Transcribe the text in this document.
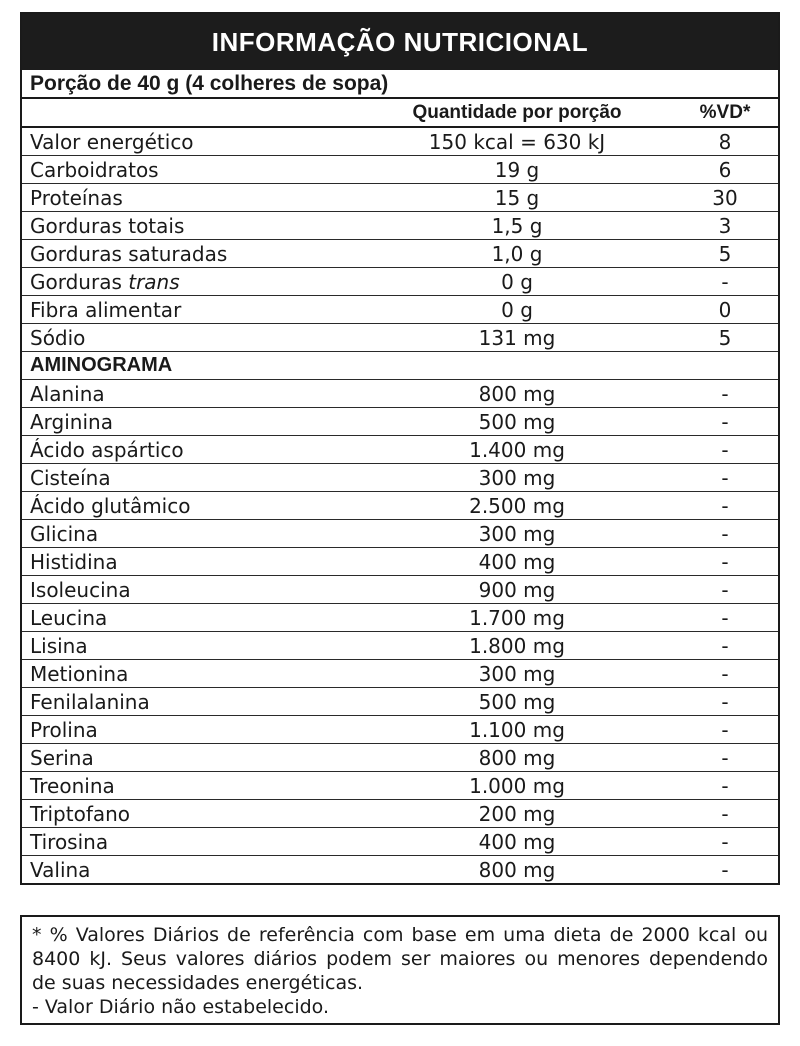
INFORMAÇÃO NUTRICIONAL
Porção de 40 g (4 colheres de sopa)
	Quantidade por porção	%VD*
Valor energético	150 kcal = 630 kJ	8
Carboidratos	19 g	6
Proteínas	15 g	30
Gorduras totais	1,5 g	3
Gorduras saturadas	1,0 g	5
Gorduras trans	0 g	-
Fibra alimentar	0 g	0
Sódio	131 mg	5
AMINOGRAMA		
Alanina	800 mg	-
Arginina	500 mg	-
Ácido aspártico	1.400 mg	-
Cisteína	300 mg	-
Ácido glutâmico	2.500 mg	-
Glicina	300 mg	-
Histidina	400 mg	-
Isoleucina	900 mg	-
Leucina	1.700 mg	-
Lisina	1.800 mg	-
Metionina	300 mg	-
Fenilalanina	500 mg	-
Prolina	1.100 mg	-
Serina	800 mg	-
Treonina	1.000 mg	-
Triptofano	200 mg	-
Tirosina	400 mg	-
Valina	800 mg	-

* % Valores Diários de referência com base em uma dieta de 2000 kcal ou 8400 kJ. Seus valores diários podem ser maiores ou menores dependendo de suas necessidades energéticas.

- Valor Diário não estabelecido.
